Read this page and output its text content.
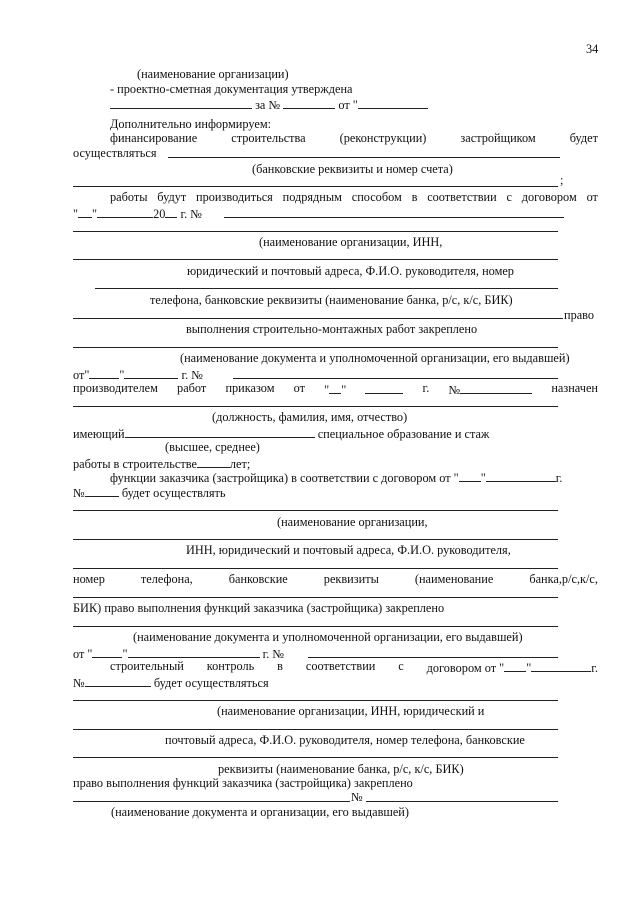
34
(наименование организации)
- проектно-сметная документация утверждена
за №	от "
Дополнительно информируем:
финансирование	строительства	(реконструкции)	застройщиком	будет
осуществляться
(банковские реквизиты и номер счета)
;
работы будут производиться подрядным способом в соответствии с договором от
" "	20 г. №
(наименование организации, ИНН,
юридический и почтовый адреса, Ф.И.О. руководителя, номер
телефона, банковские реквизиты (наименование банка, р/с, к/с, БИК)
право
выполнения строительно-монтажных работ закреплено
(наименование документа и уполномоченной организации, его выдавшей)
от" "	г. №
производителем работ приказом от " "	г. №	назначен
(должность, фамилия, имя, отчество)
имеющий	специальное образование и стаж
(высшее, среднее)
работы в строительстве	лет;
функции заказчика (застройщика) в соответствии с договором от " "	г.
№	будет осуществлять
(наименование организации,
ИНН, юридический и почтовый адреса, Ф.И.О. руководителя,
номер	телефона,	банковские	реквизиты	(наименование	банка,р/с,к/с,
БИК) право выполнения функций заказчика (застройщика) закреплено
(наименование документа и уполномоченной организации, его выдавшей)
от " "	г. №
строительный контроль в соответствии с договором от " "	г.
№	будет осуществляться
(наименование организации, ИНН, юридический и
почтовый адреса, Ф.И.О. руководителя, номер телефона, банковские
реквизиты (наименование банка, р/с, к/с, БИК)
право выполнения функций заказчика (застройщика) закреплено
№
(наименование документа и организации, его выдавшей)
